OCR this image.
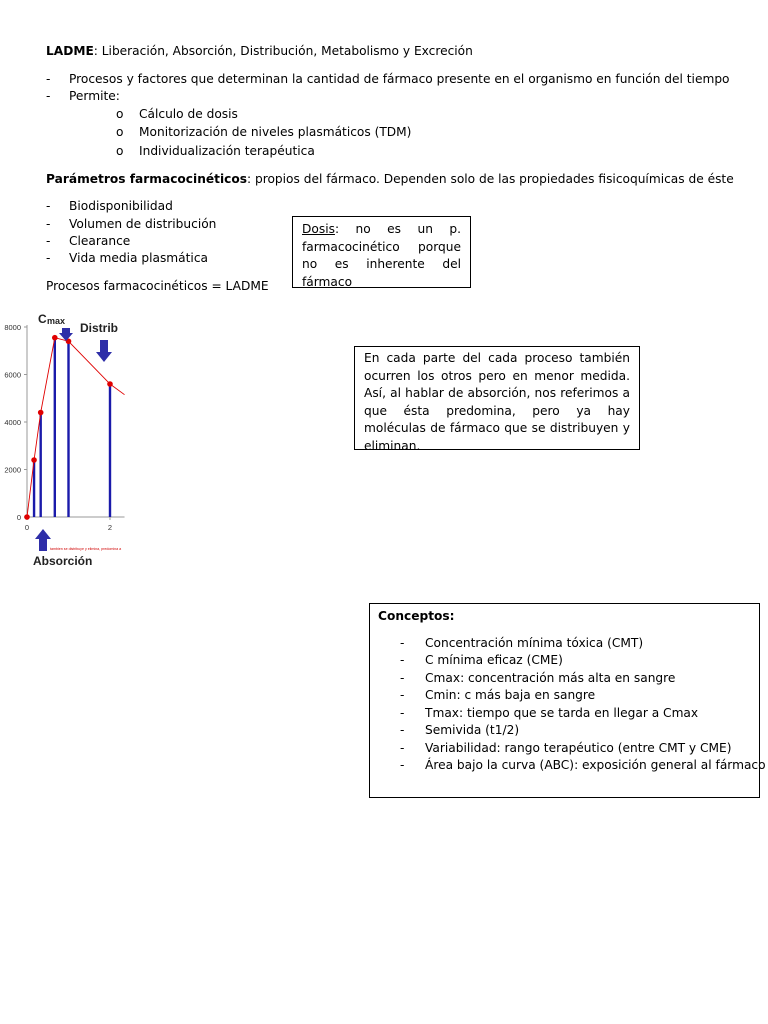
LADME: Liberación, Absorción, Distribución, Metabolismo y Excreción
- Procesos y factores que determinan la cantidad de fármaco presente en el organismo en función del tiempo
- Permite:
o Cálculo de dosis
o Monitorización de niveles plasmáticos (TDM)
o Individualización terapéutica
Parámetros farmacocinéticos: propios del fármaco. Dependen solo de las propiedades fisicoquímicas de éste
- Biodisponibilidad
- Volumen de distribución
- Clearance
- Vida media plasmática
Dosis: no es un p. farmacocinético porque no es inherente del fármaco
Procesos farmacocinéticos = LADME
0
2000
4000
6000
8000
0	2
C max Distrib
Absorción
tambien se distribuye y elimina, predomina a
En cada parte del cada proceso también ocurren los otros pero en menor medida. Así, al hablar de absorción, nos referimos a que ésta predomina, pero ya hay moléculas de fármaco que se distribuyen y eliminan.
Conceptos:
- Concentración mínima tóxica (CMT)
- C mínima eficaz (CME)
- Cmax: concentración más alta en sangre
- Cmin: c más baja en sangre
- Tmax: tiempo que se tarda en llegar a Cmax
- Semivida (t1/2)
- Variabilidad: rango terapéutico (entre CMT y CME)
- Área bajo la curva (ABC): exposición general al fármaco
